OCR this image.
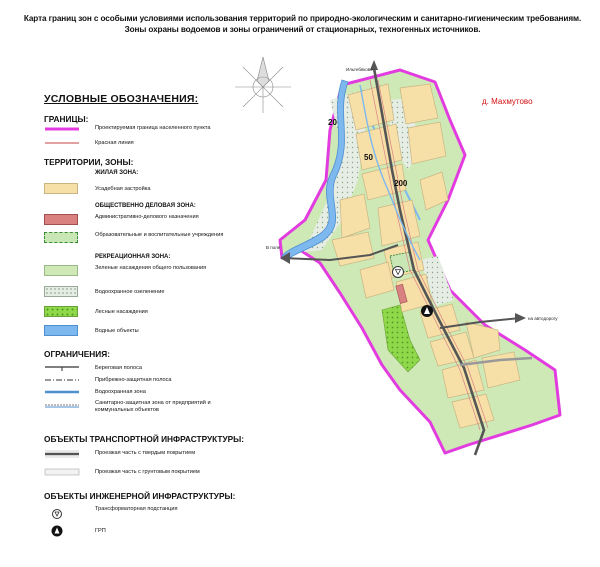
Карта границ зон с особыми условиями использования территорий по природно-экологическим и санитарно-гигиеническим требованиям.
Зоны охраны водоемов и зоны ограничений от стационарных, техногенных источников.
УСЛОВНЫЕ ОБОЗНАЧЕНИЯ:
ГРАНИЦЫ:
Проектируемая граница населенного пункта
Красная линия
ТЕРРИТОРИИ, ЗОНЫ:
ЖИЛАЯ ЗОНА:
Усадебная застройка
ОБЩЕСТВЕННО ДЕЛОВАЯ ЗОНА:
Административно-делового назначения
Образовательные и воспитательные учреждения
РЕКРЕАЦИОННАЯ ЗОНА:
Зеленые насаждения общего пользования
Водоохранное озеленение
Лесные насаждения
Водные объекты
ОГРАНИЧЕНИЯ:
Береговая полоса
Прибрежно-защитная полоса
Водоохранная зона
Санитарно-защитная зона от предприятий и коммунальных объектов
ОБЪЕКТЫ ТРАНСПОРТНОЙ ИНФРАСТРУКТУРЫ:
Проезжая часть с твердым покрытием
Проезжая часть с грунтовым покрытием
ОБЪЕКТЫ ИНЖЕНЕРНОЙ ИНФРАСТРУКТУРЫ:
Трансформаторная подстанция
ГРП
20
50
200
Ильтебяково
В поле
на автодорогу
д. Махмутово
